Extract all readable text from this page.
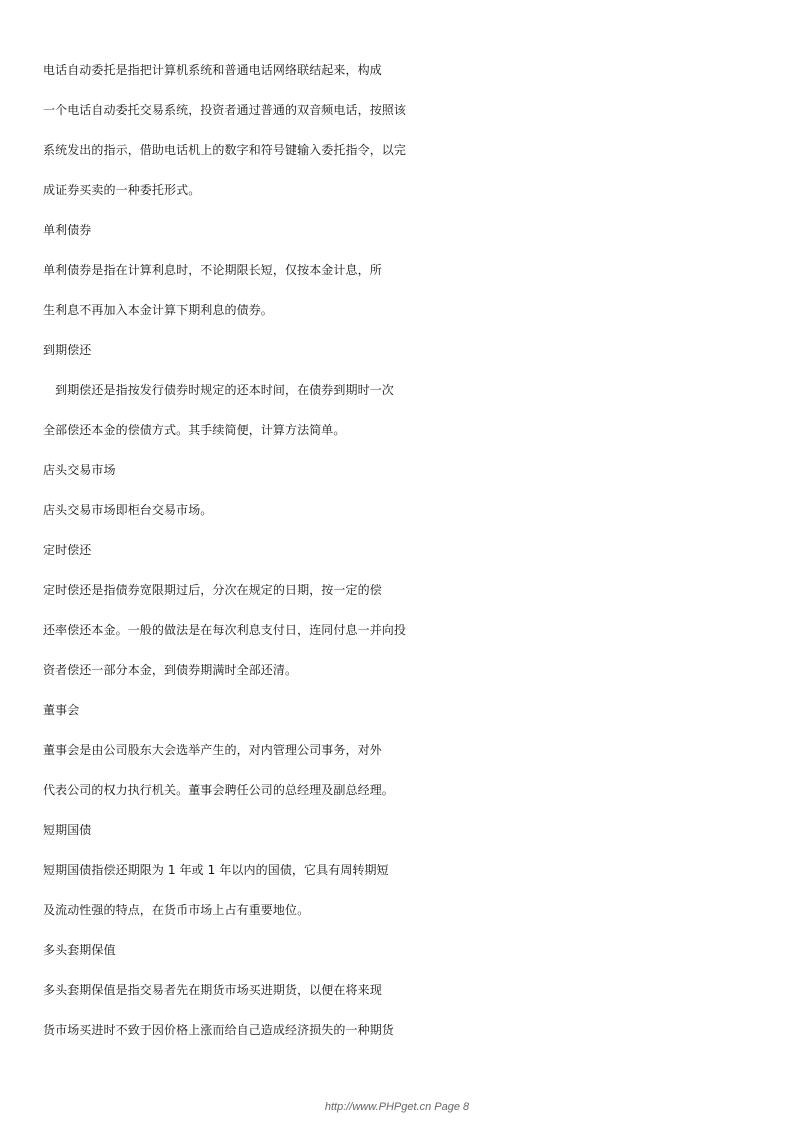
电话自动委托是指把计算机系统和普通电话网络联结起来，构成
一个电话自动委托交易系统，投资者通过普通的双音频电话，按照该
系统发出的指示，借助电话机上的数字和符号键输入委托指令，以完
成证券买卖的一种委托形式。
单利债券
单利债券是指在计算利息时，不论期限长短，仅按本金计息，所
生利息不再加入本金计算下期利息的债券。
到期偿还
　到期偿还是指按发行债券时规定的还本时间，在债券到期时一次
全部偿还本金的偿债方式。其手续简便，计算方法简单。
店头交易市场
店头交易市场即柜台交易市场。
定时偿还
定时偿还是指债券宽限期过后，分次在规定的日期，按一定的偿
还率偿还本金。一般的做法是在每次利息支付日，连同付息一并向投
资者偿还一部分本金，到债券期满时全部还清。
董事会
董事会是由公司股东大会选举产生的，对内管理公司事务，对外
代表公司的权力执行机关。董事会聘任公司的总经理及副总经理。
短期国债
短期国债指偿还期限为 1 年或 1 年以内的国债，它具有周转期短
及流动性强的特点，在货币市场上占有重要地位。
多头套期保值
多头套期保值是指交易者先在期货市场买进期货，以便在将来现
货市场买进时不致于因价格上涨而给自己造成经济损失的一种期货
http://www.PHPget.cn Page 8
